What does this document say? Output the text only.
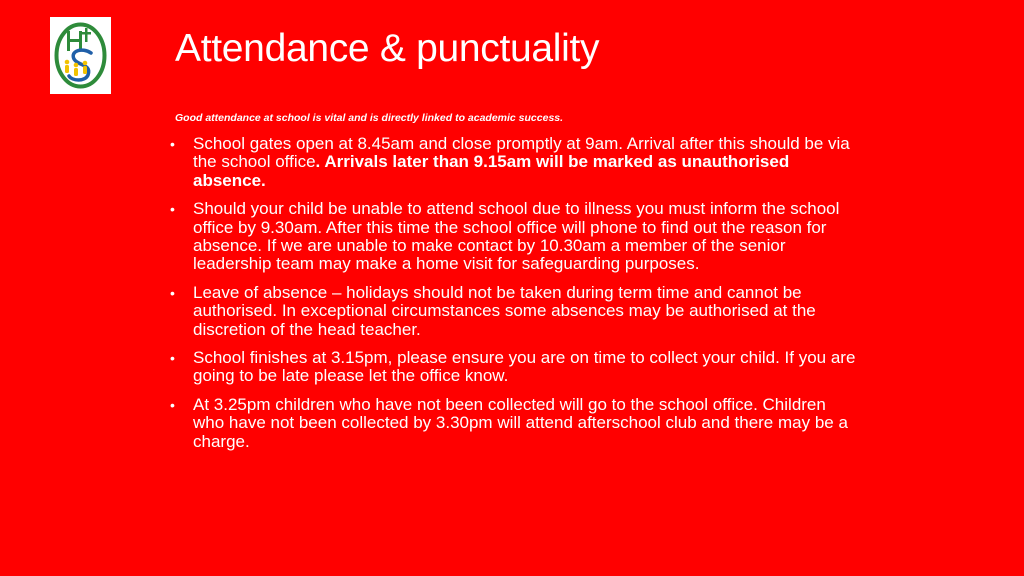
Attendance & punctuality
Good attendance at school is vital and is directly linked to academic success.
• School gates open at 8.45am and close promptly at 9am. Arrival after this should be via the school office. Arrivals later than 9.15am will be marked as unauthorised absence.
• Should your child be unable to attend school due to illness you must inform the school office by 9.30am. After this time the school office will phone to find out the reason for absence. If we are unable to make contact by 10.30am a member of the senior leadership team may make a home visit for safeguarding purposes.
• Leave of absence – holidays should not be taken during term time and cannot be authorised. In exceptional circumstances some absences may be authorised at the discretion of the head teacher.
• School finishes at 3.15pm, please ensure you are on time to collect your child. If you are going to be late please let the office know.
• At 3.25pm children who have not been collected will go to the school office. Children who have not been collected by 3.30pm will attend afterschool club and there may be a charge.
